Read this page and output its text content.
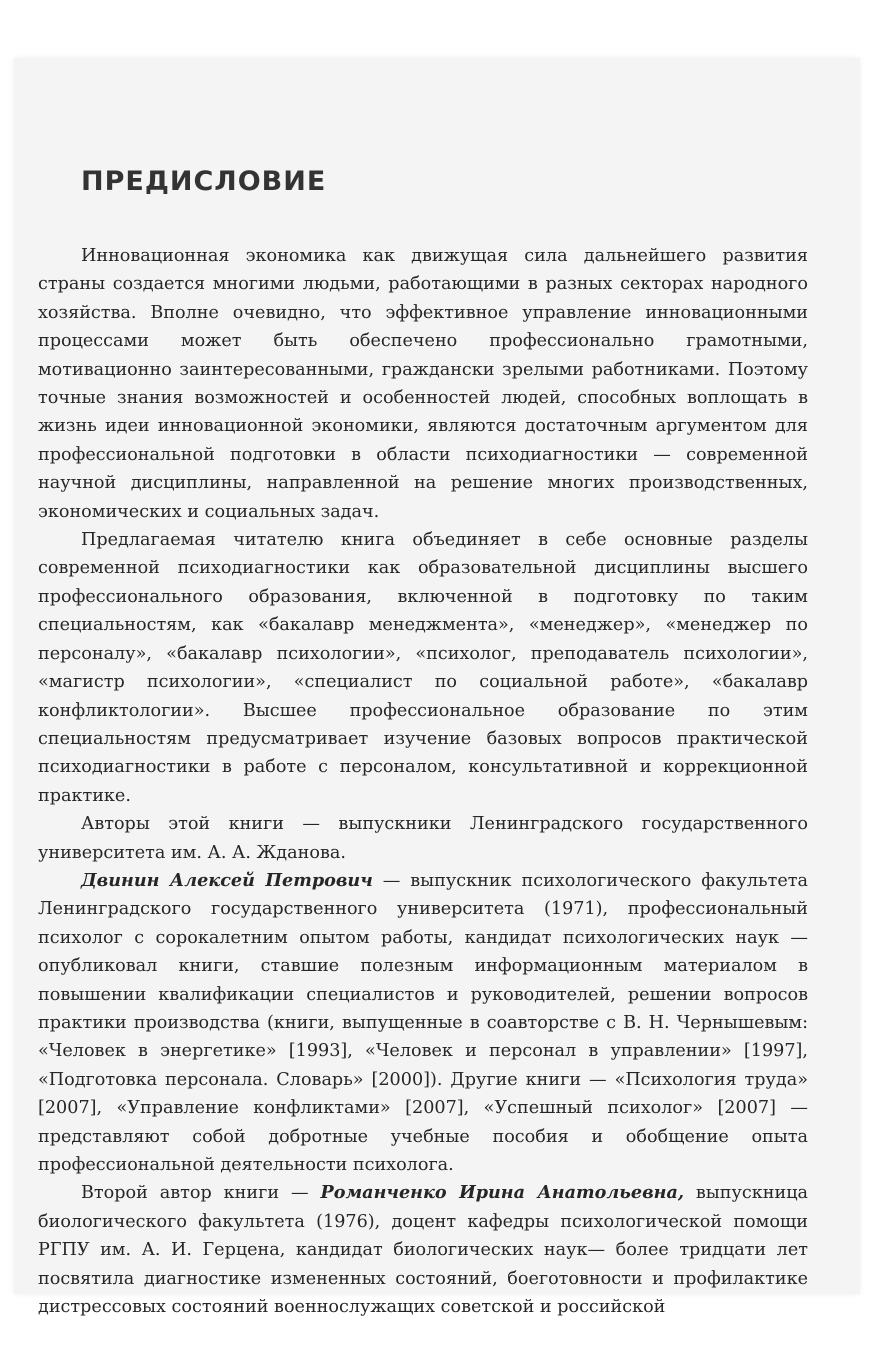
ПРЕДИСЛОВИЕ

Инновационная экономика как движущая сила дальнейшего развития страны создается многими людьми, работающими в разных секторах народного хозяйства. Вполне очевидно, что эффективное управление инновационными процессами может быть обеспечено профессионально грамотными, мотивационно заинтересованными, граждански зрелыми работниками. Поэтому точные знания возможностей и особенностей людей, способных воплощать в жизнь идеи инновационной экономики, являются достаточным аргументом для профессиональной подготовки в области психодиагностики — современной научной дисциплины, направленной на решение многих производственных, экономических и социальных задач.

Предлагаемая читателю книга объединяет в себе основные разделы современной психодиагностики как образовательной дисциплины высшего профессионального образования, включенной в подготовку по таким специальностям, как «бакалавр менеджмента», «менеджер», «менеджер по персоналу», «бакалавр психологии», «психолог, преподаватель психологии», «магистр психологии», «специалист по социальной работе», «бакалавр конфликтологии». Высшее профессиональное образование по этим специальностям предусматривает изучение базовых вопросов практической психодиагностики в работе с персоналом, консультативной и коррекционной практике.

Авторы этой книги — выпускники Ленинградского государственного университета им. А. А. Жданова.

Двинин Алексей Петрович — выпускник психологического факультета Ленинградского государственного университета (1971), профессиональный психолог с сорокалетним опытом работы, кандидат психологических наук — опубликовал книги, ставшие полезным информационным материалом в повышении квалификации специалистов и руководителей, решении вопросов практики производства (книги, выпущенные в соавторстве с В. Н. Чернышевым: «Человек в энергетике» [1993], «Человек и персонал в управлении» [1997], «Подготовка персонала. Словарь» [2000]). Другие книги — «Психология труда» [2007], «Управление конфликтами» [2007], «Успешный психолог» [2007] — представляют собой добротные учебные пособия и обобщение опыта профессиональной деятельности психолога.

Второй автор книги — Романченко Ирина Анатольевна, выпускница биологического факультета (1976), доцент кафедры психологической помощи РГПУ им. А. И. Герцена, кандидат биологических наук— более тридцати лет посвятила диагностике измененных состояний, боеготовности и профилактике дистрессовых состояний военнослужащих советской и российской
